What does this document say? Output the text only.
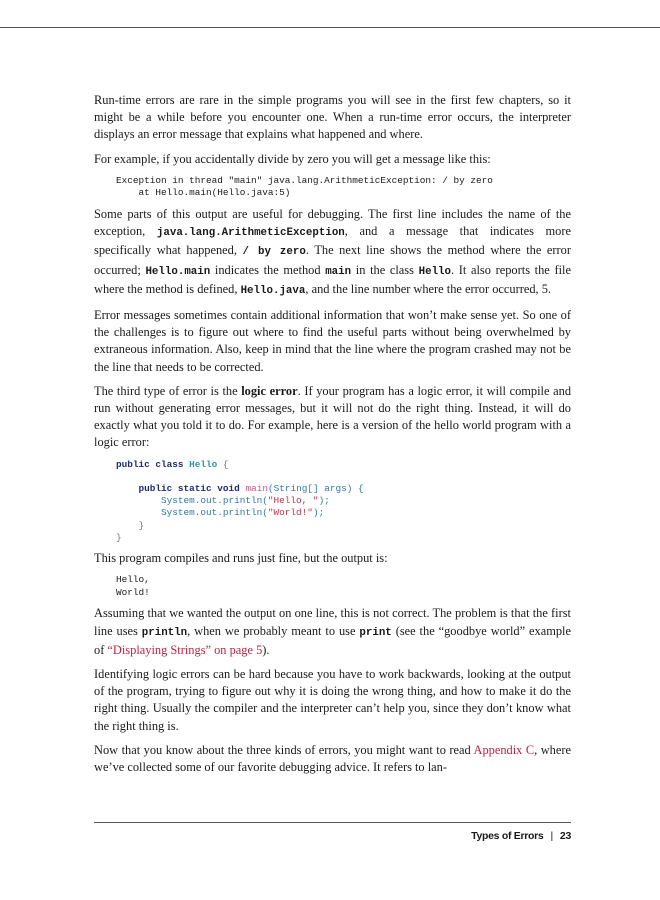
Run-time errors are rare in the simple programs you will see in the first few chapters, so it might be a while before you encounter one. When a run-time error occurs, the interpreter displays an error message that explains what happened and where.

For example, if you accidentally divide by zero you will get a message like this:

Exception in thread "main" java.lang.ArithmeticException: / by zero
at Hello.main(Hello.java:5)

Some parts of this output are useful for debugging. The first line includes the name of the exception, java.lang.ArithmeticException, and a message that indicates more specifically what happened, / by zero. The next line shows the method where the error occurred; Hello.main indicates the method main in the class Hello. It also reports the file where the method is defined, Hello.java, and the line number where the error occurred, 5.

Error messages sometimes contain additional information that won’t make sense yet. So one of the challenges is to figure out where to find the useful parts without being overwhelmed by extraneous information. Also, keep in mind that the line where the program crashed may not be the line that needs to be corrected.

The third type of error is the logic error. If your program has a logic error, it will compile and run without generating error messages, but it will not do the right thing. Instead, it will do exactly what you told it to do. For example, here is a version of the hello world program with a logic error:

public class Hello {
public static void main(String[] args) {
System.out.println("Hello, ");
System.out.println("World!");
}
}

This program compiles and runs just fine, but the output is:

Hello,
World!

Assuming that we wanted the output on one line, this is not correct. The problem is that the first line uses println, when we probably meant to use print (see the “goodbye world” example of “Displaying Strings” on page 5).

Identifying logic errors can be hard because you have to work backwards, looking at the output of the program, trying to figure out why it is doing the wrong thing, and how to make it do the right thing. Usually the compiler and the interpreter can’t help you, since they don’t know what the right thing is.

Now that you know about the three kinds of errors, you might want to read Appendix C, where we’ve collected some of our favorite debugging advice. It refers to lan-

Types of Errors | 23
